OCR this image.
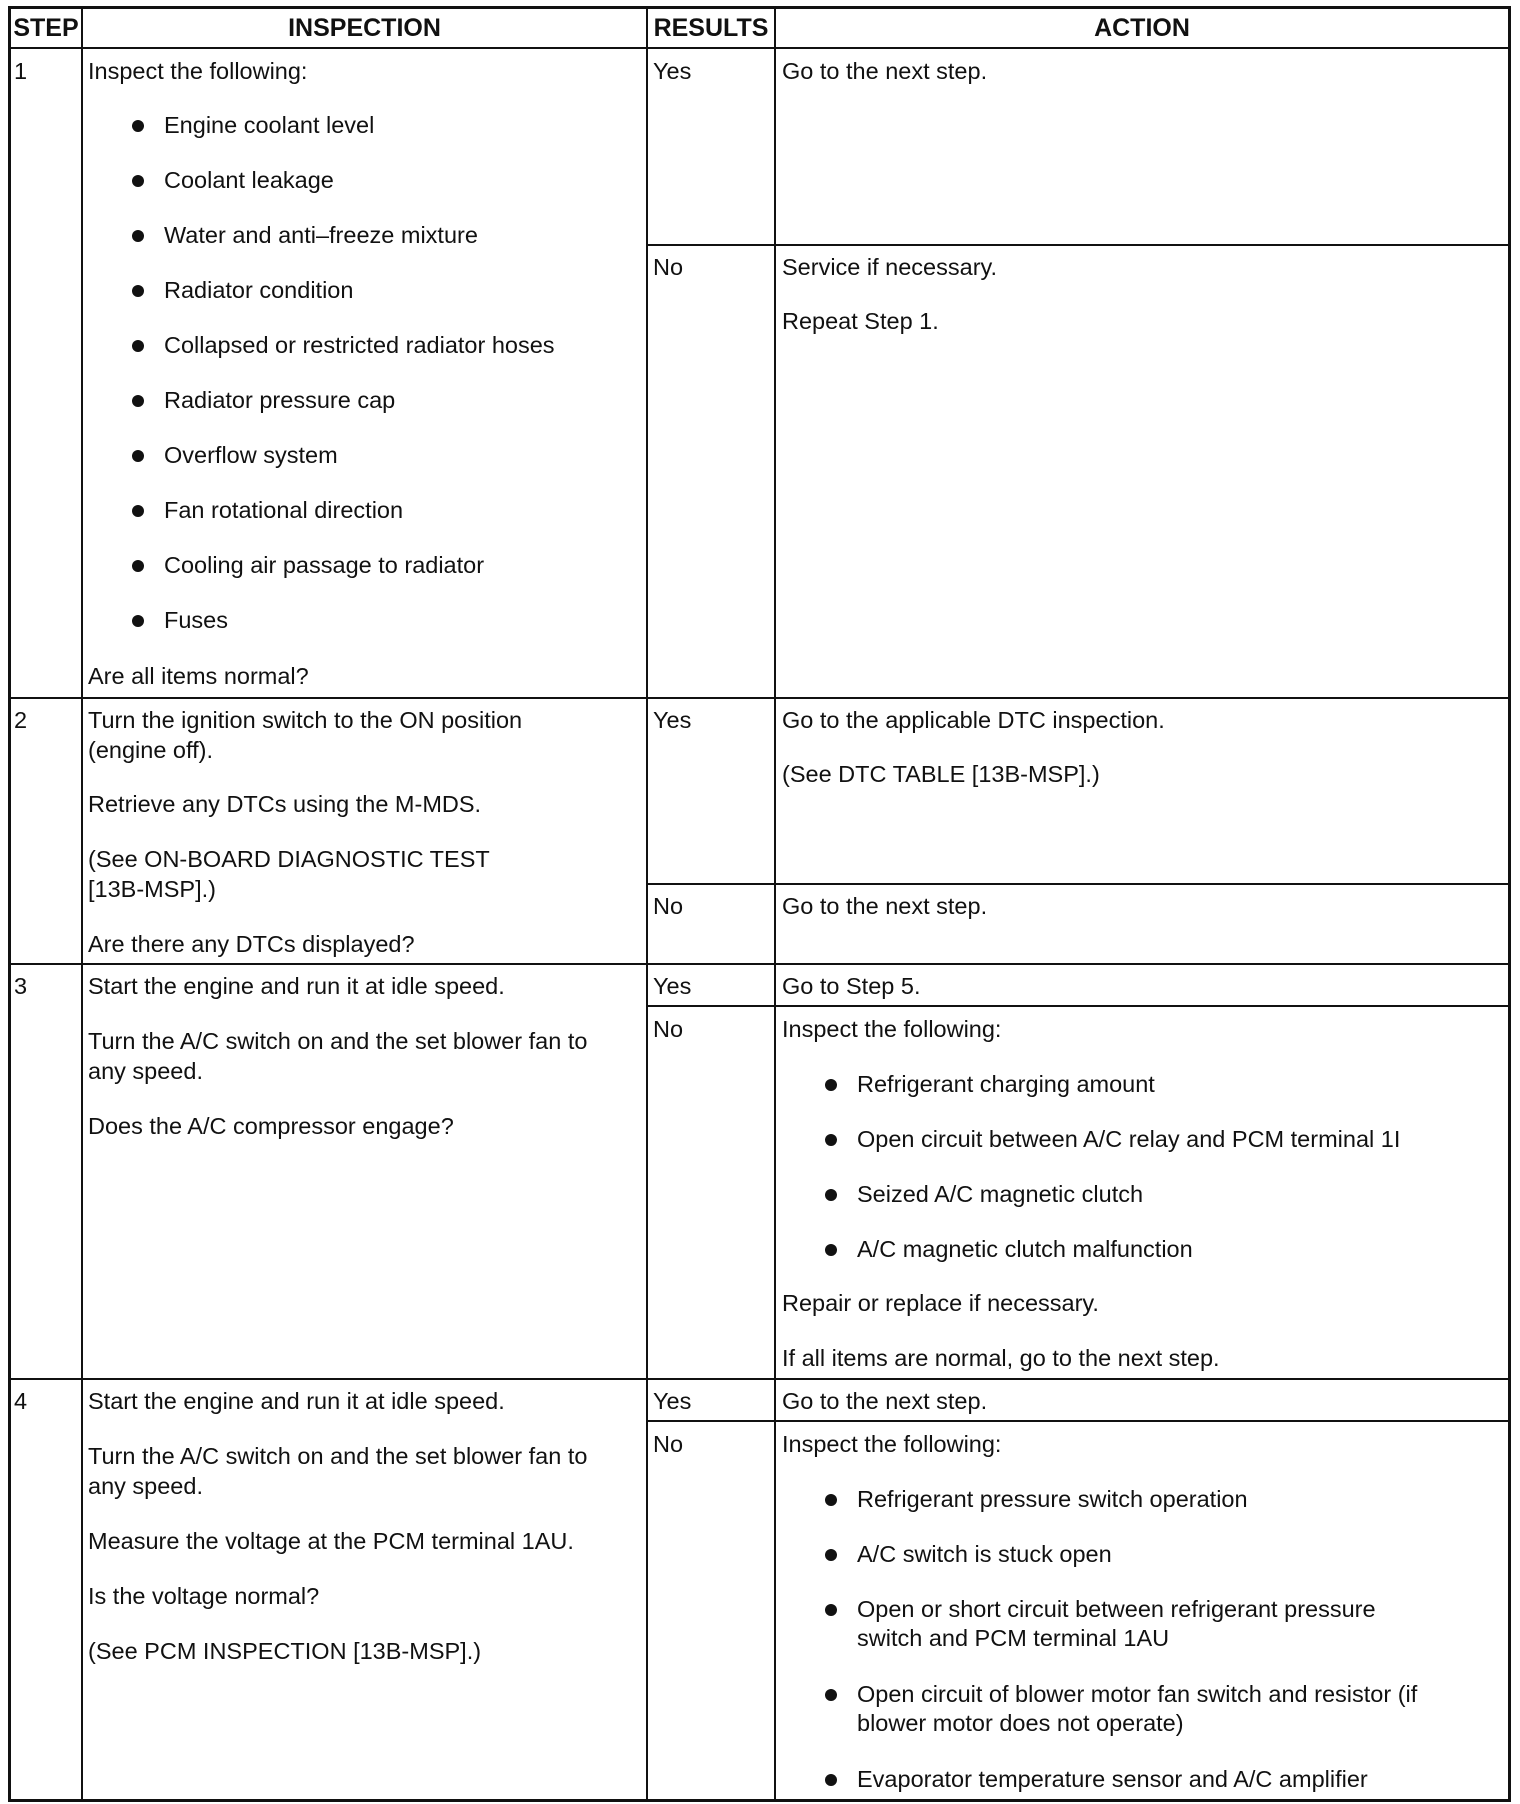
STEP	INSPECTION	RESULTS	ACTION
1	Inspect the following:
Engine coolant level
Coolant leakage
Water and anti–freeze mixture
Radiator condition
Collapsed or restricted radiator hoses
Radiator pressure cap
Overflow system
Fan rotational direction
Cooling air passage to radiator
Fuses
Are all items normal?
Yes	Go to the next step.
No	Service if necessary.
Repeat Step 1.
2	Turn the ignition switch to the ON position
(engine off).
Retrieve any DTCs using the M-MDS.
(See ON-BOARD DIAGNOSTIC TEST
[13B-MSP].)
Are there any DTCs displayed?
Yes	Go to the applicable DTC inspection.
(See DTC TABLE [13B-MSP].)
No	Go to the next step.
3	Start the engine and run it at idle speed.
Turn the A/C switch on and the set blower fan to
any speed.
Does the A/C compressor engage?
Yes	Go to Step 5.
No	Inspect the following:
Refrigerant charging amount
Open circuit between A/C relay and PCM terminal 1I
Seized A/C magnetic clutch
A/C magnetic clutch malfunction
Repair or replace if necessary.
If all items are normal, go to the next step.
4	Start the engine and run it at idle speed.
Turn the A/C switch on and the set blower fan to
any speed.
Measure the voltage at the PCM terminal 1AU.
Is the voltage normal?
(See PCM INSPECTION [13B-MSP].)
Yes	Go to the next step.
No	Inspect the following:
Refrigerant pressure switch operation
A/C switch is stuck open
Open or short circuit between refrigerant pressure
switch and PCM terminal 1AU
Open circuit of blower motor fan switch and resistor (if
blower motor does not operate)
Evaporator temperature sensor and A/C amplifier
